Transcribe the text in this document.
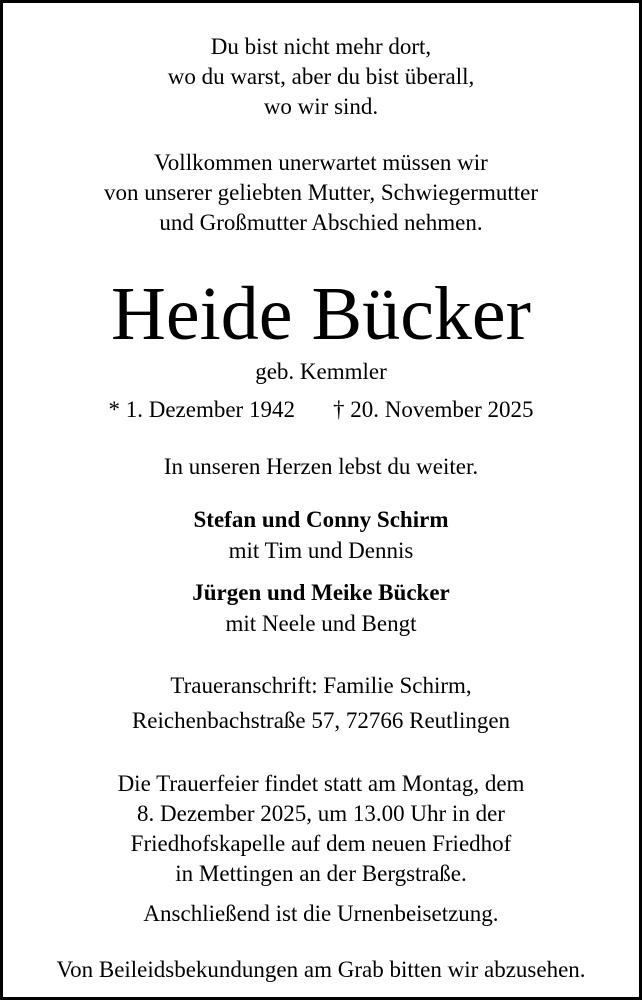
Du bist nicht mehr dort,
wo du warst, aber du bist überall,
wo wir sind.
Vollkommen unerwartet müssen wir
von unserer geliebten Mutter, Schwiegermutter
und Großmutter Abschied nehmen.
Heide Bücker
geb. Kemmler
* 1. Dezember 1942 † 20. November 2025
In unseren Herzen lebst du weiter.
Stefan und Conny Schirm
mit Tim und Dennis
Jürgen und Meike Bücker
mit Neele und Bengt
Traueranschrift: Familie Schirm,
Reichenbachstraße 57, 72766 Reutlingen
Die Trauerfeier findet statt am Montag, dem
8. Dezember 2025, um 13.00 Uhr in der
Friedhofskapelle auf dem neuen Friedhof
in Mettingen an der Bergstraße.
Anschließend ist die Urnenbeisetzung.
Von Beileidsbekundungen am Grab bitten wir abzusehen.
